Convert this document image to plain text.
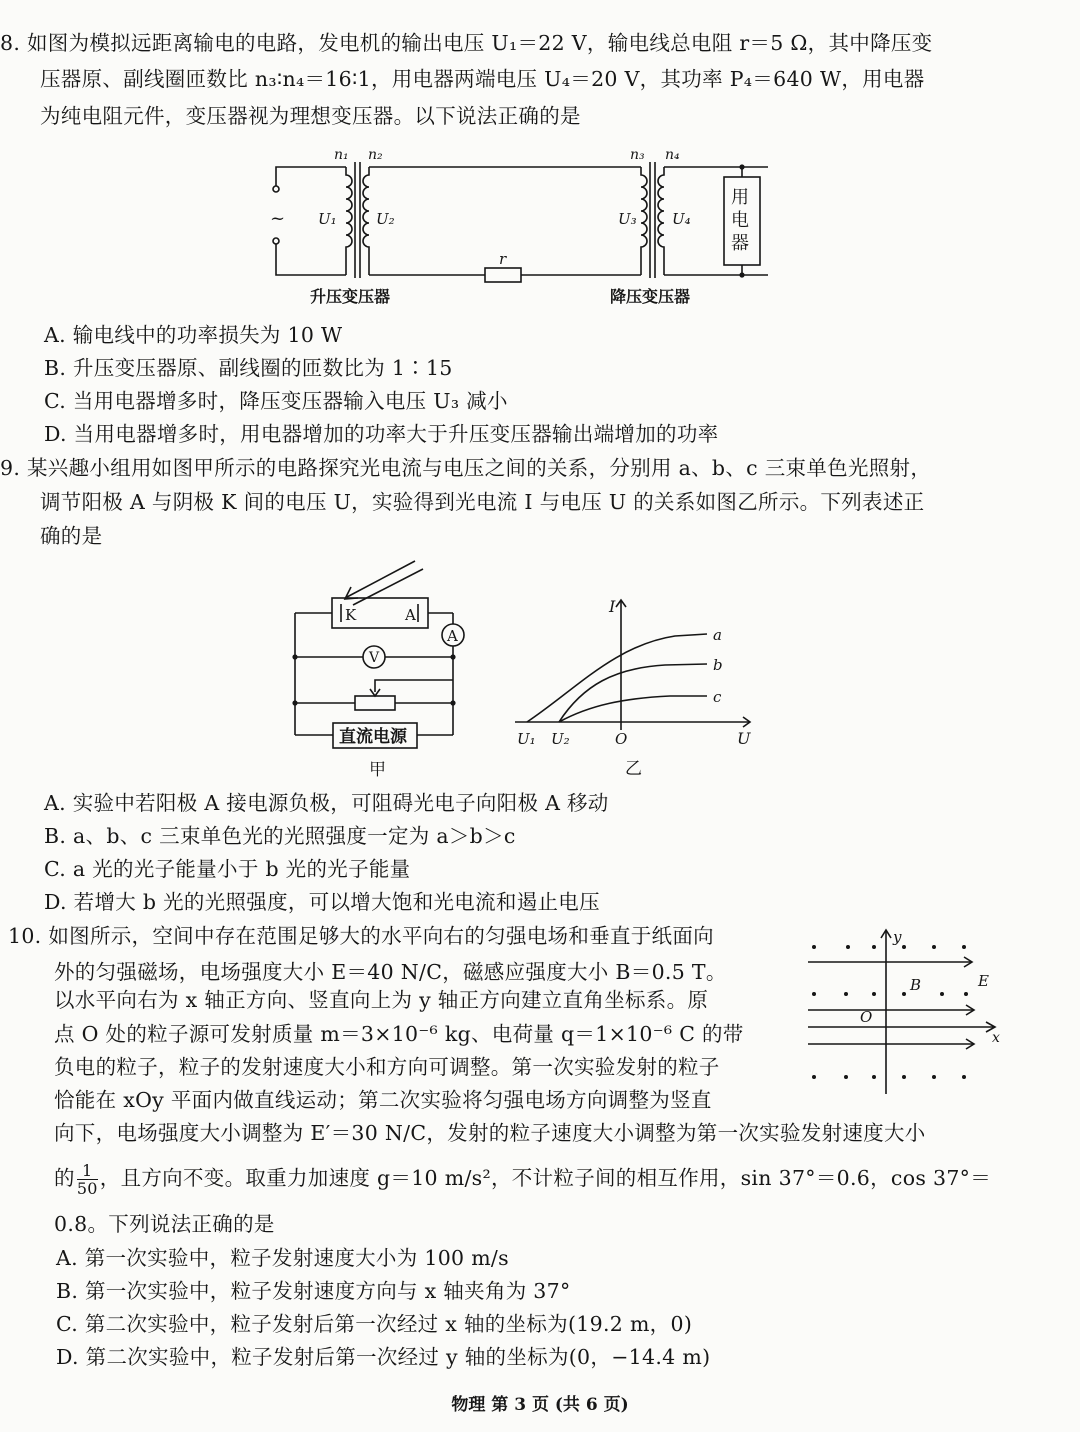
8. 如图为模拟远距离输电的电路，发电机的输出电压 U₁＝22 V，输电线总电阻 r＝5 Ω，其中降压变
压器原、副线圈匝数比 n₃∶n₄＝16∶1，用电器两端电压 U₄＝20 V，其功率 P₄＝640 W，用电器
为纯电阻元件，变压器视为理想变压器。以下说法正确的是
n₁ n₂	n₃ n₄
~ U₁	U₂	U₃ U₄
r
用
电
器
升压变压器	降压变压器
A. 输电线中的功率损失为 10 W
B. 升压变压器原、副线圈的匝数比为 1∶15
C. 当用电器增多时，降压变压器输入电压 U₃ 减小
D. 当用电器增多时，用电器增加的功率大于升压变压器输出端增加的功率
9. 某兴趣小组用如图甲所示的电路探究光电流与电压之间的关系，分别用 a、b、c 三束单色光照射，
调节阳极 A 与阴极 K 间的电压 U，实验得到光电流 I 与电压 U 的关系如图乙所示。下列表述正
确的是
K	A
A
V
直流电源
甲
I
U
O
U₁ U₂
a
b
c
乙
A. 实验中若阳极 A 接电源负极，可阻碍光电子向阳极 A 移动
B. a、b、c 三束单色光的光照强度一定为 a＞b＞c
C. a 光的光子能量小于 b 光的光子能量
D. 若增大 b 光的光照强度，可以增大饱和光电流和遏止电压
10. 如图所示，空间中存在范围足够大的水平向右的匀强电场和垂直于纸面向
外的匀强磁场，电场强度大小 E＝40 N/C，磁感应强度大小 B＝0.5 T。
以水平向右为 x 轴正方向、竖直向上为 y 轴正方向建立直角坐标系。原
点 O 处的粒子源可发射质量 m＝3×10⁻⁶ kg、电荷量 q＝1×10⁻⁶ C 的带
负电的粒子，粒子的发射速度大小和方向可调整。第一次实验发射的粒子
恰能在 xOy 平面内做直线运动；第二次实验将匀强电场方向调整为竖直
向下，电场强度大小调整为 E′＝30 N/C，发射的粒子速度大小调整为第一次实验发射速度大小
的 $\frac{1}{50}$ ，且方向不变。取重力加速度 g＝10 m/s²，不计粒子间的相互作用，sin 37°＝0.6，cos 37°＝
0.8。下列说法正确的是
y
x
B	E
O
A. 第一次实验中，粒子发射速度大小为 100 m/s
B. 第一次实验中，粒子发射速度方向与 x 轴夹角为 37°
C. 第二次实验中，粒子发射后第一次经过 x 轴的坐标为(19.2 m，0)
D. 第二次实验中，粒子发射后第一次经过 y 轴的坐标为(0，−14.4 m)
物理 第 3 页 (共 6 页)
